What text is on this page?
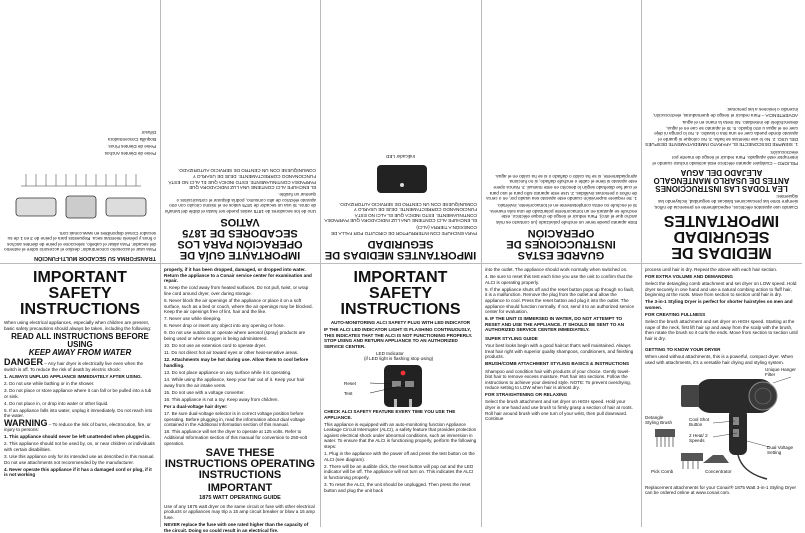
TRANSFORMA SU SECADOR MULTI-FUNCIÓN
Para usar el accesorio concentrador: deslice el accesorio sobre el extremo del secador. Para alisar el cabello, seleccione el peine de dientes anchos o finos y péinelo mientras seca. Repuestos para el peine de 3 en 1 de su secador Conair disponibles en www.conair.com.
Peine de Dientes Anchos
Peine de Dientes Finos
Boquilla Concentradora
Difusor
IMPORTANTE GUÍA DE OPERACIÓN PARA LOS SECADORES DE 1875 VATIOS
Uno de los secadores de 1875 vatios puede ser hasta el doble del tamaño de otros. Si usa un secador de 1875 vatios en el mismo circuito con otro aparato eléctrico de alto consumo, podría disparar el cortacircuitos o quemar un fusible.
EL ENCHUFE ALCI CONTIENE UNA LUZ INDICADORA QUE PARPADEA CONTINUAMENTE. ESTO INDICA QUE EL ALCI NO ESTÁ FUNCIONANDO CORRECTAMENTE. DEJE DE USARLO Y COMUNÍQUESE CON UN CENTRO DE SERVICIO AUTORIZADO.
IMPORTANTES MEDIDAS DE SEGURIDAD
PARA ENCHUFE CON INTERRUPTOR DE CIRCUITO POR FALLA DE CONEXIÓN A TIERRA (ALCI)
EL ENCHUFE ALCI CONTIENE UNA LUZ INDICADORA QUE PARPADEA CONTINUAMENTE. ESTO INDICA QUE EL ALCI NO ESTÁ FUNCIONANDO CORRECTAMENTE. DEJE DE USARLO Y COMUNÍQUESE CON UN CENTRO DE SERVICIO AUTORIZADO.
Indicador LED
GUARDE ESTAS INSTRUCCIONES DE OPERACIÓN
Este aparato puede tener un enchufe polarizado (un contacto es más ancho que el otro). Para reducir el riesgo de choque eléctrico, este enchufe se ajustará en un tomacorriente polarizado de una sola manera. Si el enchufe no entra completamente en el tomacorriente, inviértalo.
1. Se requiere supervisión cuando este aparato sea usado por, en o cerca de niños o personas inválidas. 2. Use este aparato sólo para el uso para el cual fue diseñado según lo descrito en este manual. 3. Nunca opere este aparato si tiene el cable o enchufe dañado, si no funciona apropiadamente, si se ha caído o dañado o si se ha caído en el agua.
MEDIDAS DE SEGURIDAD IMPORTANTES
Cuando use aparatos eléctricos, especialmente en presencia de niños, siempre tome las precauciones básicas de seguridad, incluyendo las siguientes:
LEA TODAS LAS INSTRUCCIONES ANTES DE USARLO MANTÉNGALO ALEJADO DEL AGUA
PELIGRO – Cualquier aparato eléctrico está activado incluso cuando el interruptor esté apagado. Para reducir el riesgo de muerte por electrocución:
1. SIEMPRE DESCONECTE EL APARATO INMEDIATAMENTE DESPUÉS DEL USO. 2. No lo use mientras se baña. 3. No coloque ni guarde el aparato donde pueda caer en una tina o lavabo. 4. No lo ponga ni deje caer en el agua u otro líquido. 5. Si el aparato se cae en el agua, desenchúfelo de inmediato. No meta la mano en el agua.
ADVERTENCIA – Para reducir el riesgo de quemaduras, electrocución, incendio o lesiones a las personas:
IMPORTANT SAFETY INSTRUCTIONS
When using electrical appliances, especially when children are present, basic safety precautions should always be taken, including the following:
READ ALL INSTRUCTIONS BEFORE USING
KEEP AWAY FROM WATER
DANGER – Any hair dryer is electrically live even when the switch is off. To reduce the risk of death by electric shock:
1. ALWAYS UNPLUG APPLIANCE IMMEDIATELY AFTER USING.
2. Do not use while bathing or in the shower.
3. Do not place or store appliance where it can fall or be pulled into a tub or sink.
4. Do not place in, or drop into water or other liquid.
5. If an appliance falls into water, unplug it immediately. Do not reach into the water.
WARNING – To reduce the risk of burns, electrocution, fire, or injury to persons:
1. This appliance should never be left unattended when plugged in.
2. This appliance should not be used by, on, or near children or individuals with certain disabilities.
3. Use this appliance only for its intended use as described in this manual. Do not use attachments not recommended by the manufacturer.
4. Never operate this appliance if it has a damaged cord or plug, if it is not working
properly, if it has been dropped, damaged, or dropped into water. Return the appliance to a Conair service center for examination and repair.
5. Keep the cord away from heated surfaces. Do not pull, twist, or wrap line cord around dryer, over during storage.
6. Never block the air openings of the appliance or place it on a soft surface, such as a bed or couch, where the air openings may be blocked. Keep the air openings free of lint, hair and the like.
7. Never use while sleeping.
8. Never drop or insert any object into any opening or hose.
9. Do not use outdoors or operate where aerosol (spray) products are being used or where oxygen is being administered.
10. Do not use an extension cord to operate dryer.
11. Do not direct hot air toward eyes or other heat-sensitive areas.
12. Attachments may be hot during use. Allow them to cool before handling.
13. Do not place appliance on any surface while it is operating.
14. While using the appliance, keep your hair out of it. Keep your hair away from the air intake vents.
15. Do not use with a voltage converter.
16. This appliance is not a toy. Keep away from children.
For a dual-voltage hair dryer:
17. Be sure dual-voltage selector is in correct voltage position before operating. Before plugging in, read the information about dual voltage contained in the Additional Information section of this manual.
18. This appliance will set the dryer to operate at 125 volts. Refer to Additional Information section of this manual for conversion to 250-volt operation.
SAVE THESE INSTRUCTIONS OPERATING INSTRUCTIONS
IMPORTANT
1875 WATT OPERATING GUIDE
Use of any 1875 watt dryer on the same circuit or fuse with other electrical products or appliances may trip a 15 amp circuit breaker or blow a 15 amp fuse.
NEVER replace the fuse with one rated higher than the capacity of the circuit. Doing so could result in an electrical fire.
IMPORTANT SAFETY INSTRUCTIONS
AUTO-MONITORING ALCI SAFETY PLUG WITH LED INDICATOR
IF THE ALCI LED INDICATOR LIGHT IS FLASHING CONTINUOUSLY, THIS INDICATES THAT THE ALCI IS NOT FUNCTIONING PROPERLY. STOP USING AND RETURN APPLIANCE TO AN AUTHORIZED SERVICE CENTER.
LED Indicator
(if LED light is flashing stop using)
Reset
Test
CHECK ALCI SAFETY FEATURE EVERY TIME YOU USE THE APPLIANCE.
This appliance is equipped with an auto-monitoring function Appliance Leakage Circuit Interrupter (ALCI), a safety feature that provides protection against electrical shock under abnormal conditions, such as immersion in water. To ensure that the ALCI is functioning properly, perform the following steps:
1. Plug in the appliance with the power off and press the test button on the ALCI (see diagram).
2. There will be an audible click, the reset button will pop out and the LED indicator will be off. The appliance will not turn on. This indicates the ALCI is functioning properly.
3. To reset the ALCI, the unit should be unplugged. Then press the reset button and plug the unit back
into the outlet. The appliance should work normally when switched on.
4. Be sure to reset this test each time you use the unit to confirm that the ALCI is operating properly.
5. If the appliance shuts off and the reset button pops up through no fault, it is a malfunction. Remove the plug from the outlet and allow the appliance to cool. Press the reset button and plug it into the outlet. The appliance should function normally. If not, send it to an authorized service center for evaluation.
6. IF THE UNIT IS IMMERSED IN WATER, DO NOT ATTEMPT TO RESET AND USE THE APPLIANCE. IT SHOULD BE SENT TO AN AUTHORIZED SERVICE CENTER IMMEDIATELY.
SUPER STYLING GUIDE
Your best looks begin with a good haircut that's well maintained. Always treat hair right with superior quality shampoos, conditioners, and finishing products.
BRUSH/COMB ATTACHMENT STYLING BASICS & INSTRUCTIONS
Shampoo and condition hair with products of your choice. Gently towel-blot hair to remove excess moisture. Part hair into sections. Follow the instructions to achieve your desired style. NOTE: To prevent overdrying, reduce setting to LOW when hair is almost dry.
FOR STRAIGHTENING OR RELAXING
Select the brush attachment and set dryer on HIGH speed. Hold your dryer in one hand and use brush to firmly grasp a section of hair at roots. Roll hair around brush with one turn of your wrist, then pull downward. Continue
process until hair is dry. Repeat the above with each hair section.
FOR EXTRA VOLUME AND DEMANDING
Select the detangling comb attachment and set dryer on LOW speed. Hold dryer securely in one hand and use a natural combing action to fluff hair, beginning at the roots. Move from section to section until hair is dry.
The 3-in-1 Styling Dryer is perfect for shorter hairstyles on men and women.
FOR CREATING FULLNESS
Select the brush attachment and set dryer on HIGH speed. Starting at the nape of the neck, first lift hair up and away from the scalp with the brush, then rotate the brush so it curls the ends. Move from section to section until hair is dry.
GETTING TO KNOW YOUR DRYER
When used without attachments, this is a powerful, compact dryer. When used with attachments, it's a versatile hair drying and styling system.
Unique Hanger Filter
Cool Shot Button
2 Heat/ 2 Speeds
Dual Voltage Setting
Detangle Styling Brush
Pick Comb	Concentrator
Replacement attachments for your Conair® 1875 Watt 3-in-1 Styling Dryer can be ordered online at www.conair.com.
